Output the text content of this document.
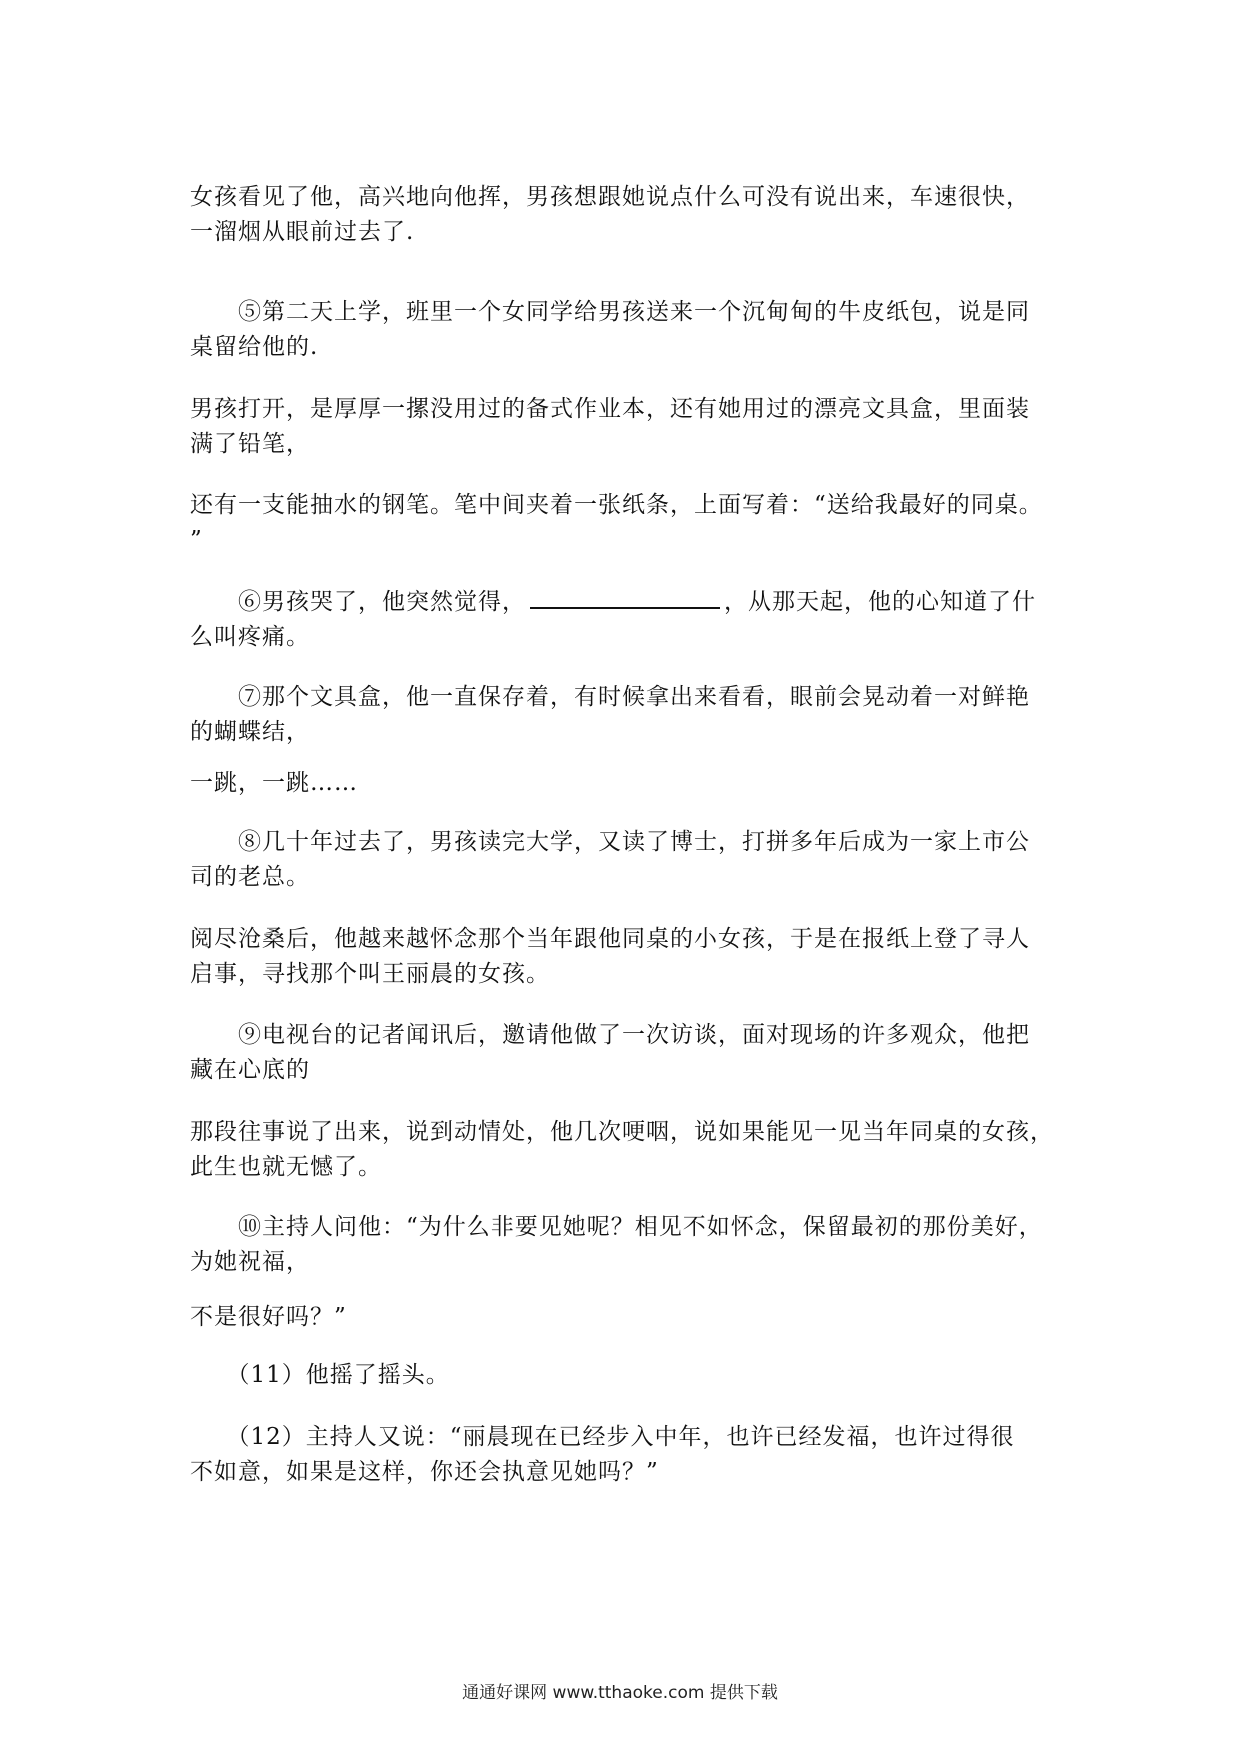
女孩看见了他，高兴地向他挥，男孩想跟她说点什么可没有说出来，车速很快，
一溜烟从眼前过去了.
　　⑤第二天上学，班里一个女同学给男孩送来一个沉甸甸的牛皮纸包，说是同
桌留给他的.
男孩打开，是厚厚一摞没用过的备式作业本，还有她用过的漂亮文具盒，里面装
满了铅笔，
还有一支能抽水的钢笔。笔中间夹着一张纸条，上面写着：“送给我最好的同桌。
”
　　⑥男孩哭了，他突然觉得，	，从那天起，他的心知道了什
么叫疼痛。
　　⑦那个文具盒，他一直保存着，有时候拿出来看看，眼前会晃动着一对鲜艳
的蝴蝶结，
一跳，一跳……
　　⑧几十年过去了，男孩读完大学，又读了博士，打拼多年后成为一家上市公
司的老总。
阅尽沧桑后，他越来越怀念那个当年跟他同桌的小女孩，于是在报纸上登了寻人
启事，寻找那个叫王丽晨的女孩。
　　⑨电视台的记者闻讯后，邀请他做了一次访谈，面对现场的许多观众，他把
藏在心底的
那段往事说了出来，说到动情处，他几次哽咽，说如果能见一见当年同桌的女孩，
此生也就无憾了。
　　⑩主持人问他：“为什么非要见她呢？相见不如怀念，保留最初的那份美好，
为她祝福，
不是很好吗？”
　　（11）他摇了摇头。
　　（12）主持人又说：“丽晨现在已经步入中年，也许已经发福，也许过得很
不如意，如果是这样，你还会执意见她吗？”
通通好课网 www.tthaoke.com 提供下载
